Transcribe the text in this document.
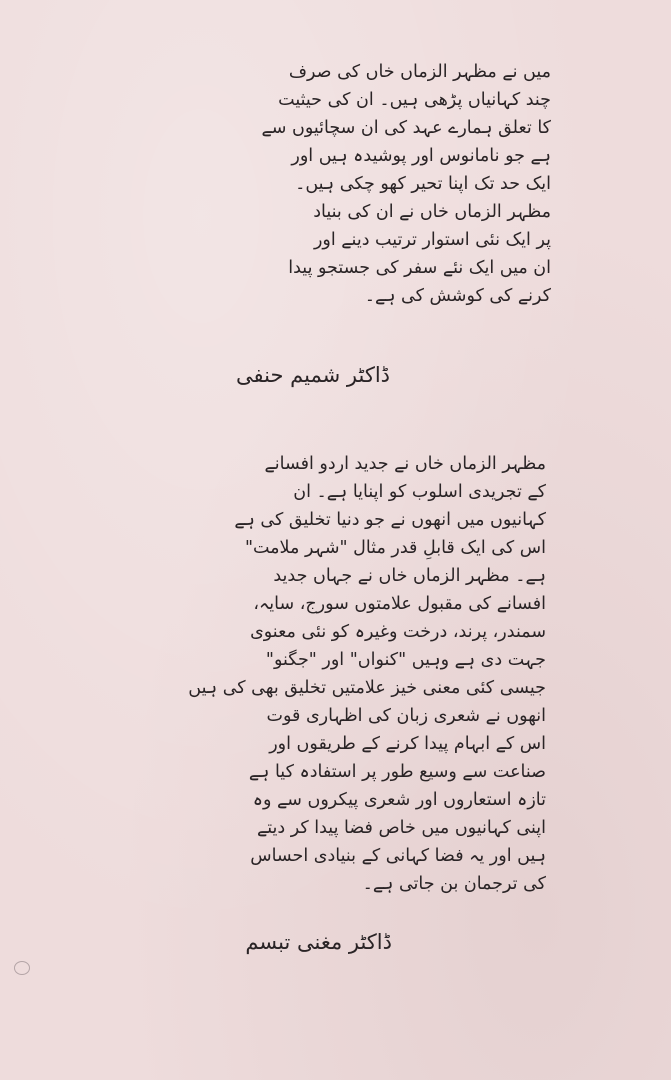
میں نے مظہر الزماں خاں کی صرف
چند کہانیاں پڑھی ہیں۔ ان کی حیثیت
کا تعلق ہمارے عہد کی ان سچائیوں سے
ہے جو نامانوس اور پوشیدہ ہیں اور
ایک حد تک اپنا تحیر کھو چکی ہیں۔
مظہر الزماں خاں نے ان کی بنیاد
پر ایک نئی استوار ترتیب دینے اور
ان میں ایک نئے سفر کی جستجو پیدا
کرنے کی کوشش کی ہے۔
ڈاکٹر شمیم حنفی
مظہر الزماں خاں نے جدید اردو افسانے
کے تجریدی اسلوب کو اپنایا ہے۔ ان
کہانیوں میں انھوں نے جو دنیا تخلیق کی ہے
اس کی ایک قابلِ قدر مثال "شہر ملامت"
ہے۔ مظہر الزماں خاں نے جہاں جدید
افسانے کی مقبول علامتوں سورج، سایہ،
سمندر، پرند، درخت وغیرہ کو نئی معنوی
جہت دی ہے وہیں "کنواں" اور "جگنو"
جیسی کئی معنی خیز علامتیں تخلیق بھی کی ہیں
انھوں نے شعری زبان کی اظہاری قوت
اس کے ابہام پیدا کرنے کے طریقوں اور
صناعت سے وسیع طور پر استفادہ کیا ہے
تازہ استعاروں اور شعری پیکروں سے وہ
اپنی کہانیوں میں خاص فضا پیدا کر دیتے
ہیں اور یہ فضا کہانی کے بنیادی احساس
کی ترجمان بن جاتی ہے۔
ڈاکٹر مغنی تبسم
